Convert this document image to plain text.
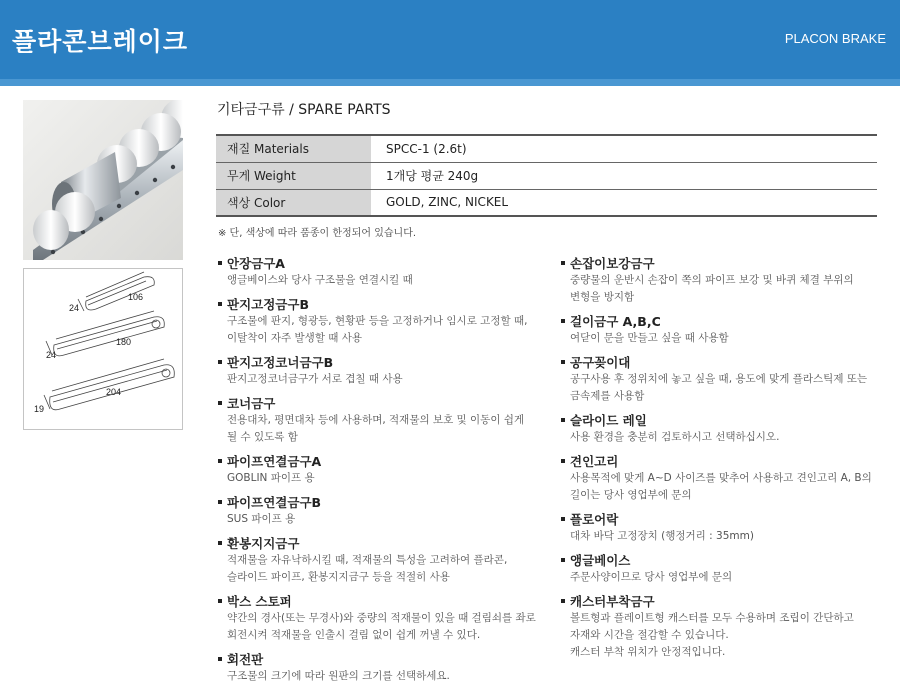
플라콘브레이크	PLACON BRAKE
24
106
24
180
19
204
기타금구류 / SPARE PARTS
재질 Materials	SPCC-1 (2.6t)
무게 Weight	1개당 평균 240g
색상 Color	GOLD, ZINC, NICKEL
※ 단, 색상에 따라 품종이 한정되어 있습니다.
안장금구A
앵글베이스와 당사 구조물을 연결시킬 때
판지고정금구B
구조물에 판지, 형광등, 현황판 등을 고정하거나 임시로 고정할 때,
이탈착이 자주 발생할 때 사용
판지고정코너금구B
판지고정코너금구가 서로 겹칠 때 사용
코너금구
전용대차, 평면대차 등에 사용하며, 적재물의 보호 및 이동이 쉽게
될 수 있도록 함
파이프연결금구A
GOBLIN 파이프 용
파이프연결금구B
SUS 파이프 용
환봉지지금구
적재물을 자유낙하시킬 때, 적재물의 특성을 고려하여 플라콘,
슬라이드 파이프, 환봉지지금구 등을 적절히 사용
박스 스토퍼
약간의 경사(또는 무경사)와 중량의 적재물이 있을 때 걸림쇠를 좌로
회전시켜 적재물을 인출시 걸림 없이 쉽게 꺼낼 수 있다.
회전판
구조물의 크기에 따라 원판의 크기를 선택하세요.
손잡이보강금구
중량물의 운반시 손잡이 쪽의 파이프 보강 및 바퀴 체결 부위의
변형을 방지함
걸이금구 A,B,C
여닫이 문을 만들고 싶을 때 사용함
공구꽂이대
공구사용 후 정위치에 놓고 싶을 때, 용도에 맞게 플라스틱제 또는
금속제를 사용함
슬라이드 레일
사용 환경을 충분히 검토하시고 선택하십시오.
견인고리
사용목적에 맞게 A~D 사이즈를 맞추어 사용하고 견인고리 A, B의
길이는 당사 영업부에 문의
플로어락
대차 바닥 고정장치 (행정거리 : 35mm)
앵글베이스
주문사양이므로 당사 영업부에 문의
캐스터부착금구
볼트형과 플레이트형 캐스터를 모두 수용하며 조립이 간단하고
자재와 시간을 절감할 수 있습니다.
캐스터 부착 위치가 안정적입니다.
